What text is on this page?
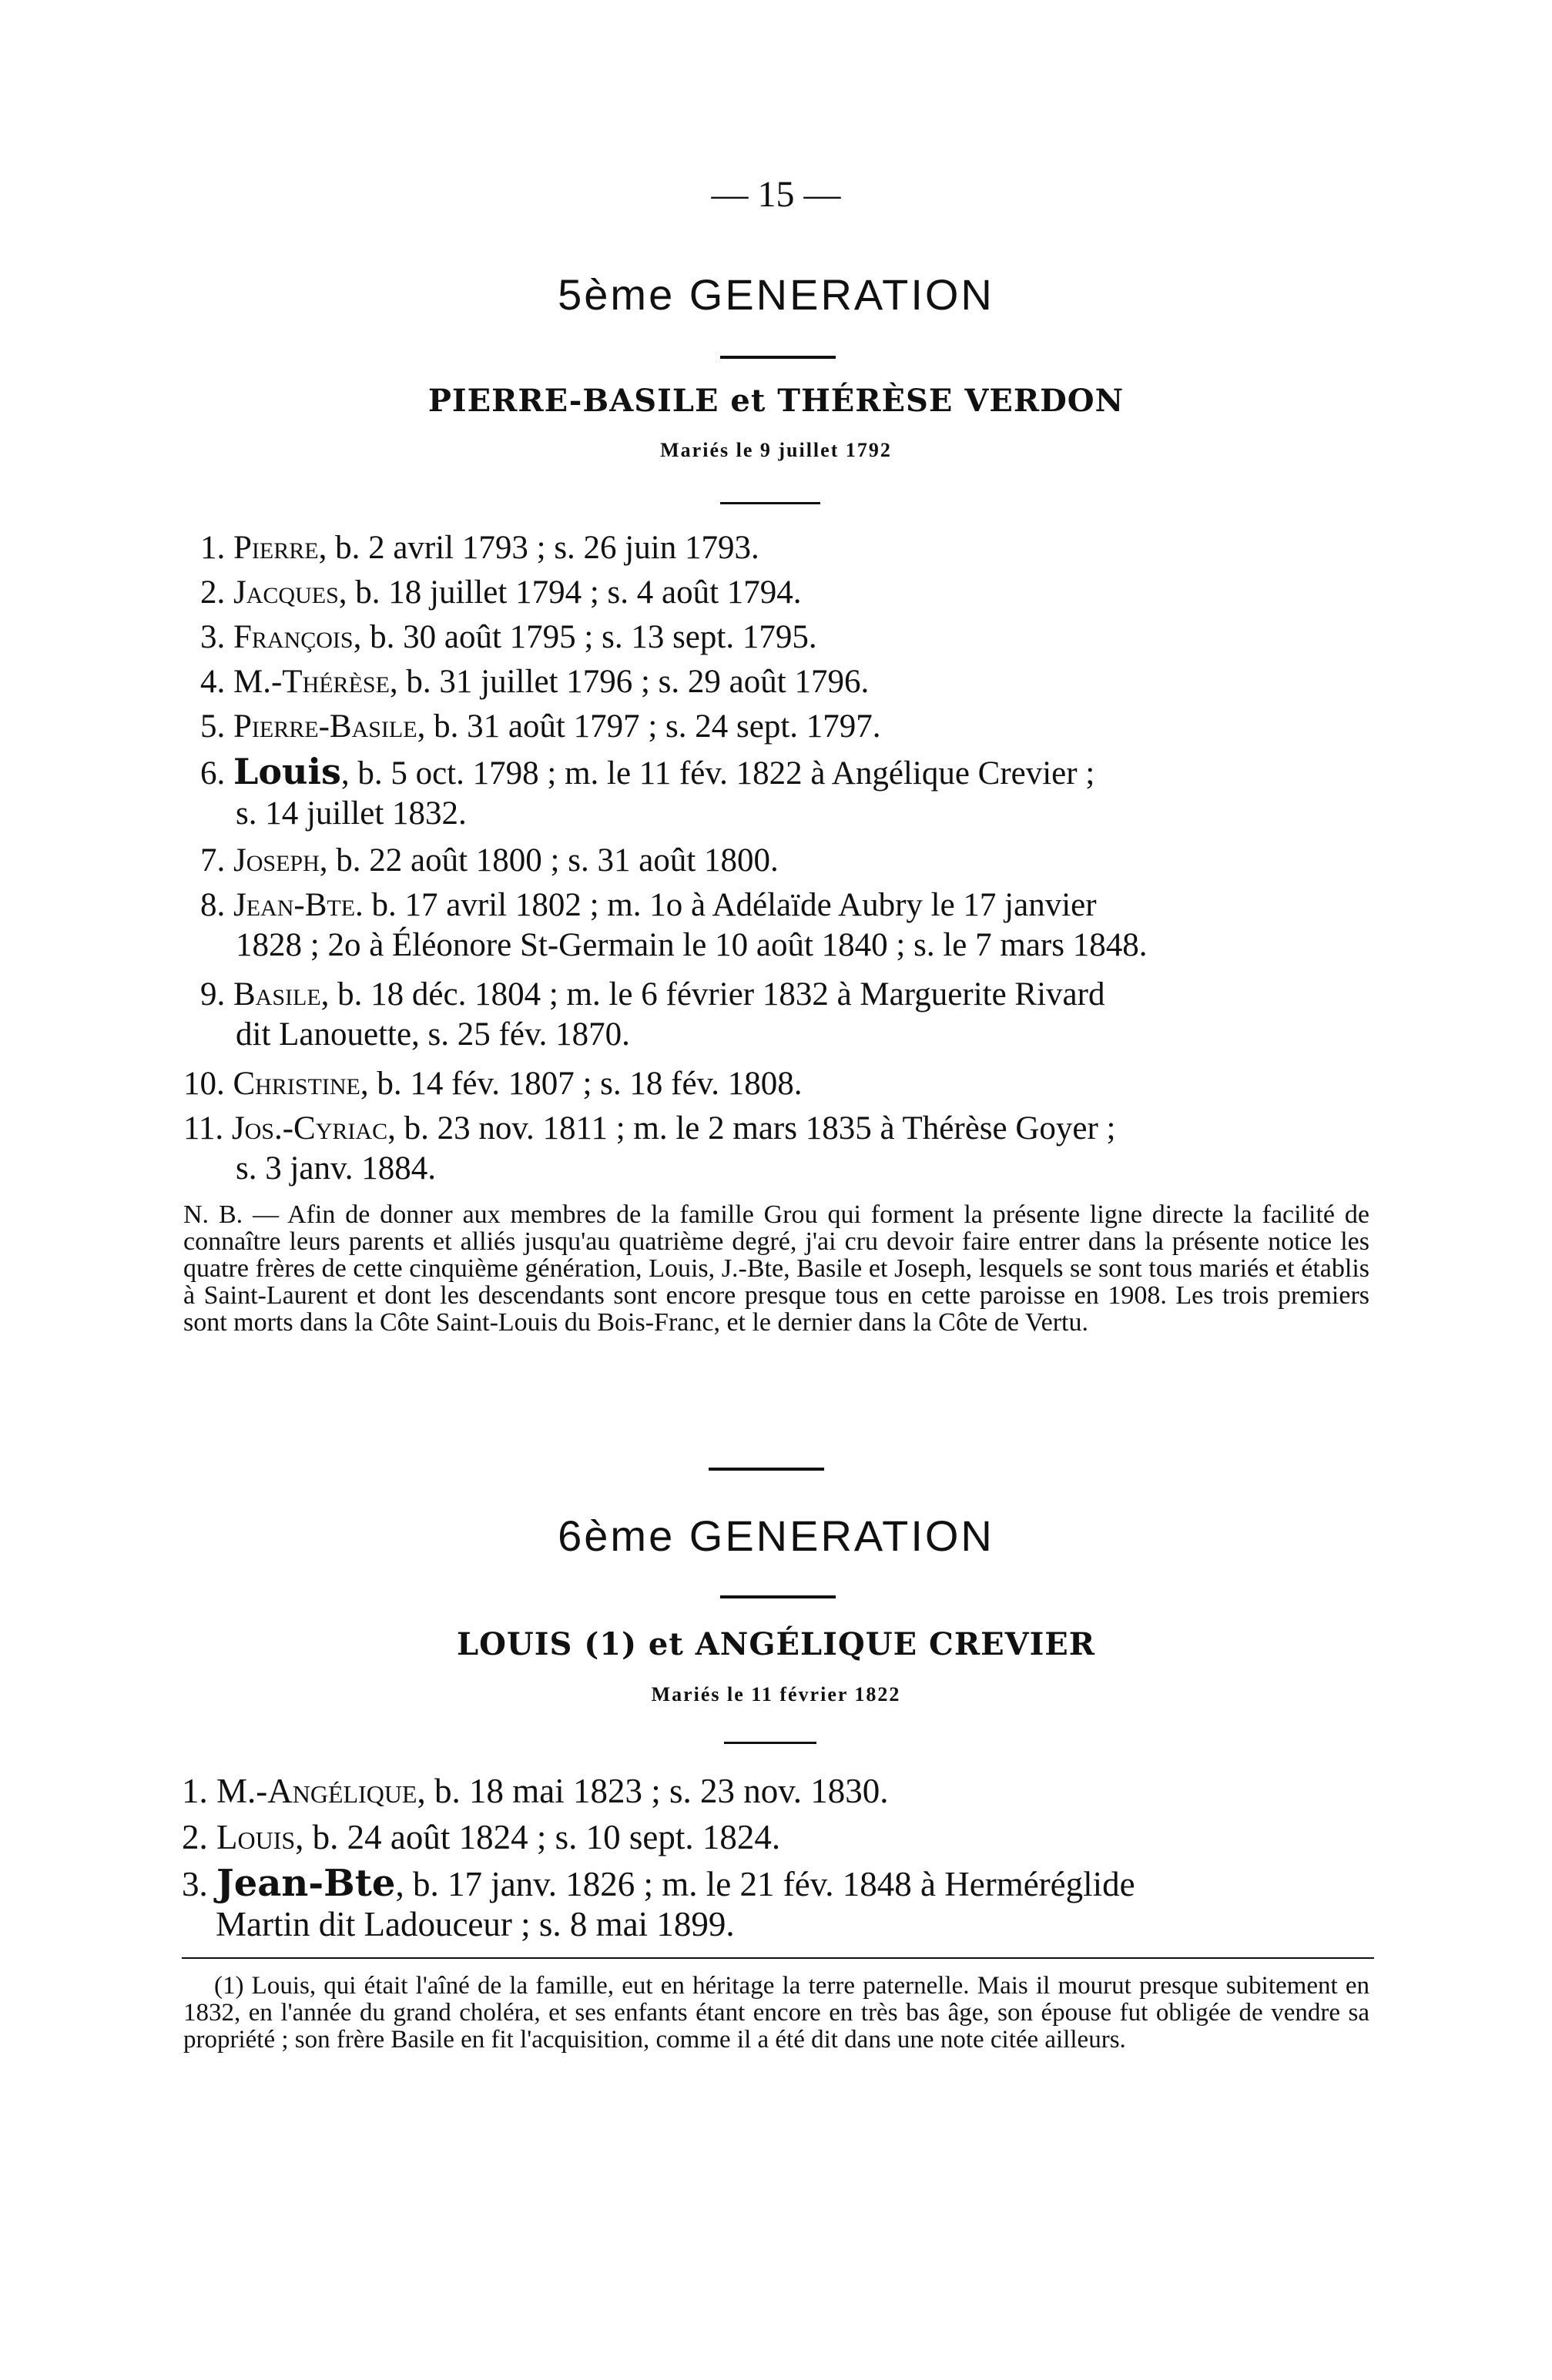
— 15 —
5ème GENERATION
PIERRE-BASILE et THÉRÈSE VERDON
Mariés le 9 juillet 1792
1. Pierre, b. 2 avril 1793 ; s. 26 juin 1793.
2. Jacques, b. 18 juillet 1794 ; s. 4 août 1794.
3. François, b. 30 août 1795 ; s. 13 sept. 1795.
4. M.-Thérèse, b. 31 juillet 1796 ; s. 29 août 1796.
5. Pierre-Basile, b. 31 août 1797 ; s. 24 sept. 1797.
6. Louis, b. 5 oct. 1798 ; m. le 11 fév. 1822 à Angélique Crevier ;
s. 14 juillet 1832.
7. Joseph, b. 22 août 1800 ; s. 31 août 1800.
8. Jean-Bte. b. 17 avril 1802 ; m. 1o à Adélaïde Aubry le 17 janvier
1828 ; 2o à Éléonore St-Germain le 10 août 1840 ; s. le 7 mars 1848.
9. Basile, b. 18 déc. 1804 ; m. le 6 février 1832 à Marguerite Rivard
dit Lanouette, s. 25 fév. 1870.
10. Christine, b. 14 fév. 1807 ; s. 18 fév. 1808.
11. Jos.-Cyriac, b. 23 nov. 1811 ; m. le 2 mars 1835 à Thérèse Goyer ;
s. 3 janv. 1884.

N. B. — Afin de donner aux membres de la famille Grou qui forment la présente ligne directe la facilité de connaître leurs parents et alliés jusqu'au quatrième degré, j'ai cru devoir faire entrer dans la présente notice les quatre frères de cette cinquième génération, Louis, J.-Bte, Basile et Joseph, lesquels se sont tous mariés et établis à Saint-Laurent et dont les descendants sont encore presque tous en cette paroisse en 1908. Les trois premiers sont morts dans la Côte Saint-Louis du Bois-Franc, et le dernier dans la Côte de Vertu.

6ème GENERATION
LOUIS (1) et ANGÉLIQUE CREVIER
Mariés le 11 février 1822
1. M.-Angélique, b. 18 mai 1823 ; s. 23 nov. 1830.
2. Louis, b. 24 août 1824 ; s. 10 sept. 1824.
3. Jean-Bte, b. 17 janv. 1826 ; m. le 21 fév. 1848 à Herméréglide
Martin dit Ladouceur ; s. 8 mai 1899.

(1) Louis, qui était l'aîné de la famille, eut en héritage la terre paternelle. Mais il mourut presque subitement en 1832, en l'année du grand choléra, et ses enfants étant encore en très bas âge, son épouse fut obligée de vendre sa propriété ; son frère Basile en fit l'acquisition, comme il a été dit dans une note citée ailleurs.
